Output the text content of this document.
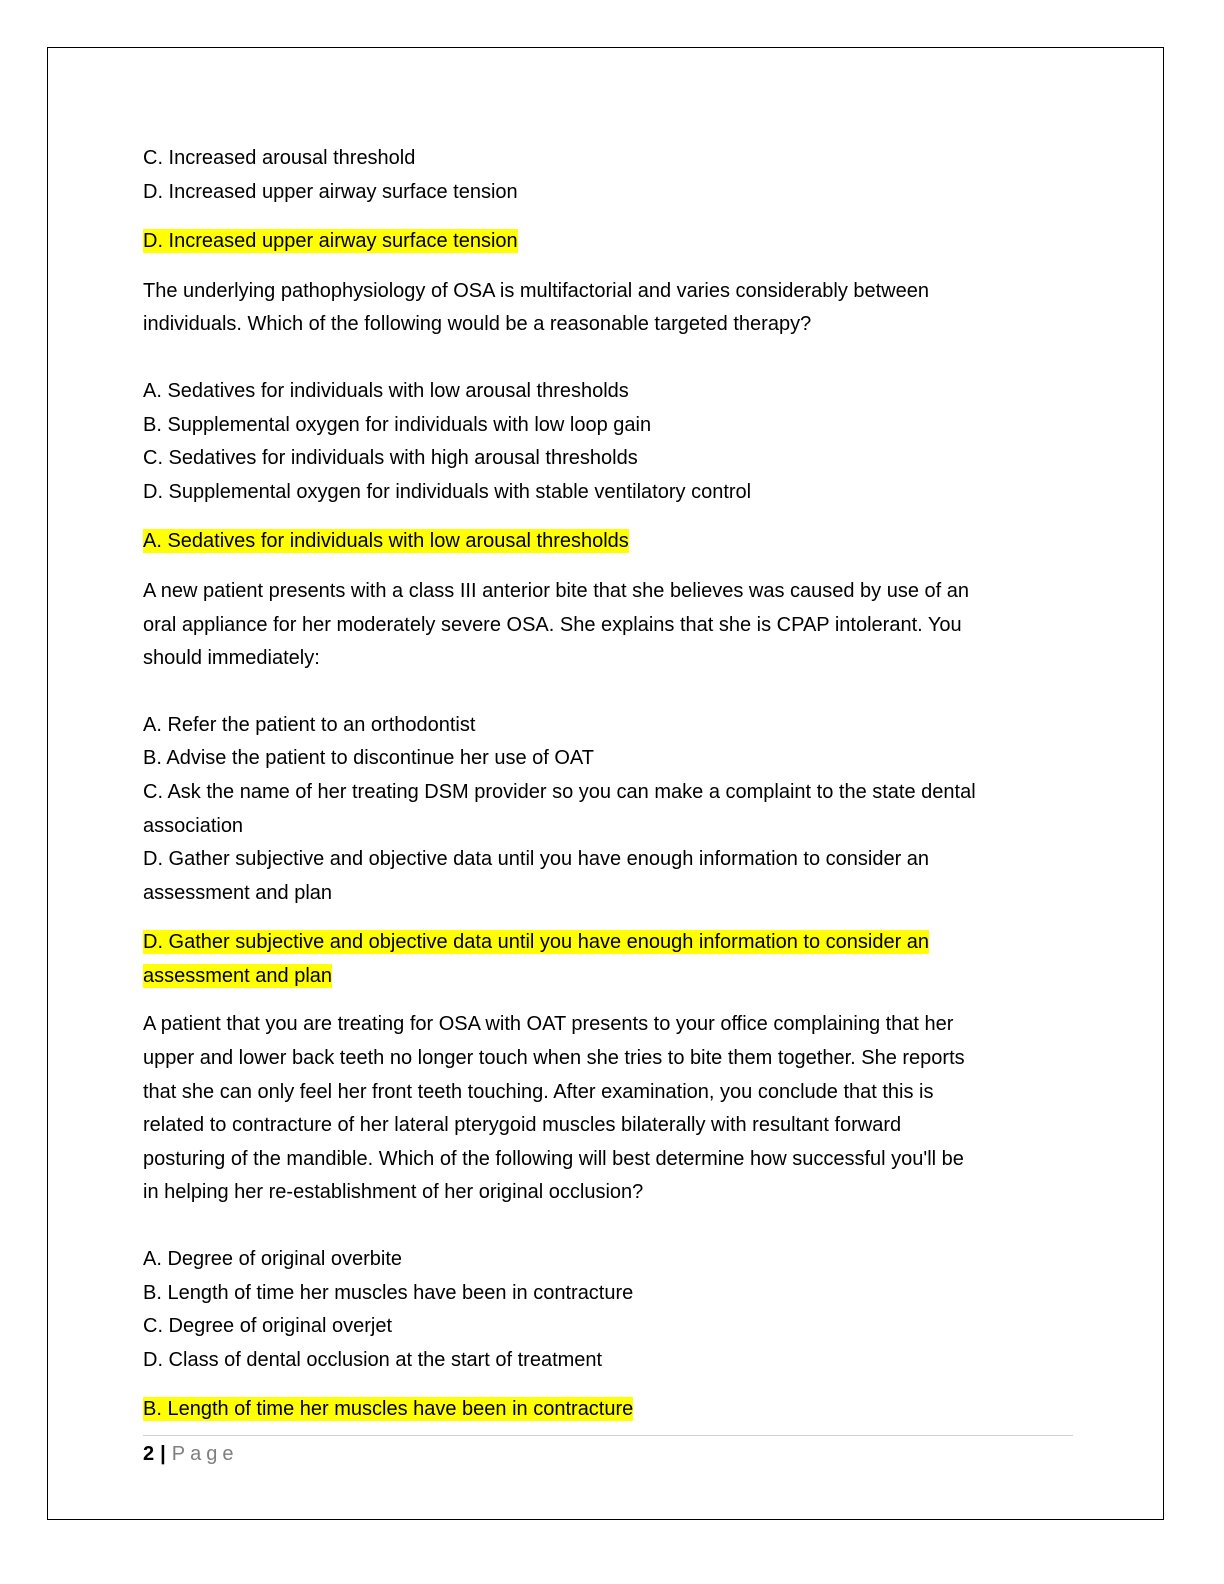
C. Increased arousal threshold
D. Increased upper airway surface tension
D. Increased upper airway surface tension
The underlying pathophysiology of OSA is multifactorial and varies considerably between
individuals. Which of the following would be a reasonable targeted therapy?
A. Sedatives for individuals with low arousal thresholds
B. Supplemental oxygen for individuals with low loop gain
C. Sedatives for individuals with high arousal thresholds
D. Supplemental oxygen for individuals with stable ventilatory control
A. Sedatives for individuals with low arousal thresholds
A new patient presents with a class III anterior bite that she believes was caused by use of an
oral appliance for her moderately severe OSA. She explains that she is CPAP intolerant. You
should immediately:
A. Refer the patient to an orthodontist
B. Advise the patient to discontinue her use of OAT
C. Ask the name of her treating DSM provider so you can make a complaint to the state dental
association
D. Gather subjective and objective data until you have enough information to consider an
assessment and plan
D. Gather subjective and objective data until you have enough information to consider an
assessment and plan
A patient that you are treating for OSA with OAT presents to your office complaining that her
upper and lower back teeth no longer touch when she tries to bite them together. She reports
that she can only feel her front teeth touching. After examination, you conclude that this is
related to contracture of her lateral pterygoid muscles bilaterally with resultant forward
posturing of the mandible. Which of the following will best determine how successful you'll be
in helping her re-establishment of her original occlusion?
A. Degree of original overbite
B. Length of time her muscles have been in contracture
C. Degree of original overjet
D. Class of dental occlusion at the start of treatment
B. Length of time her muscles have been in contracture
2 | Page
